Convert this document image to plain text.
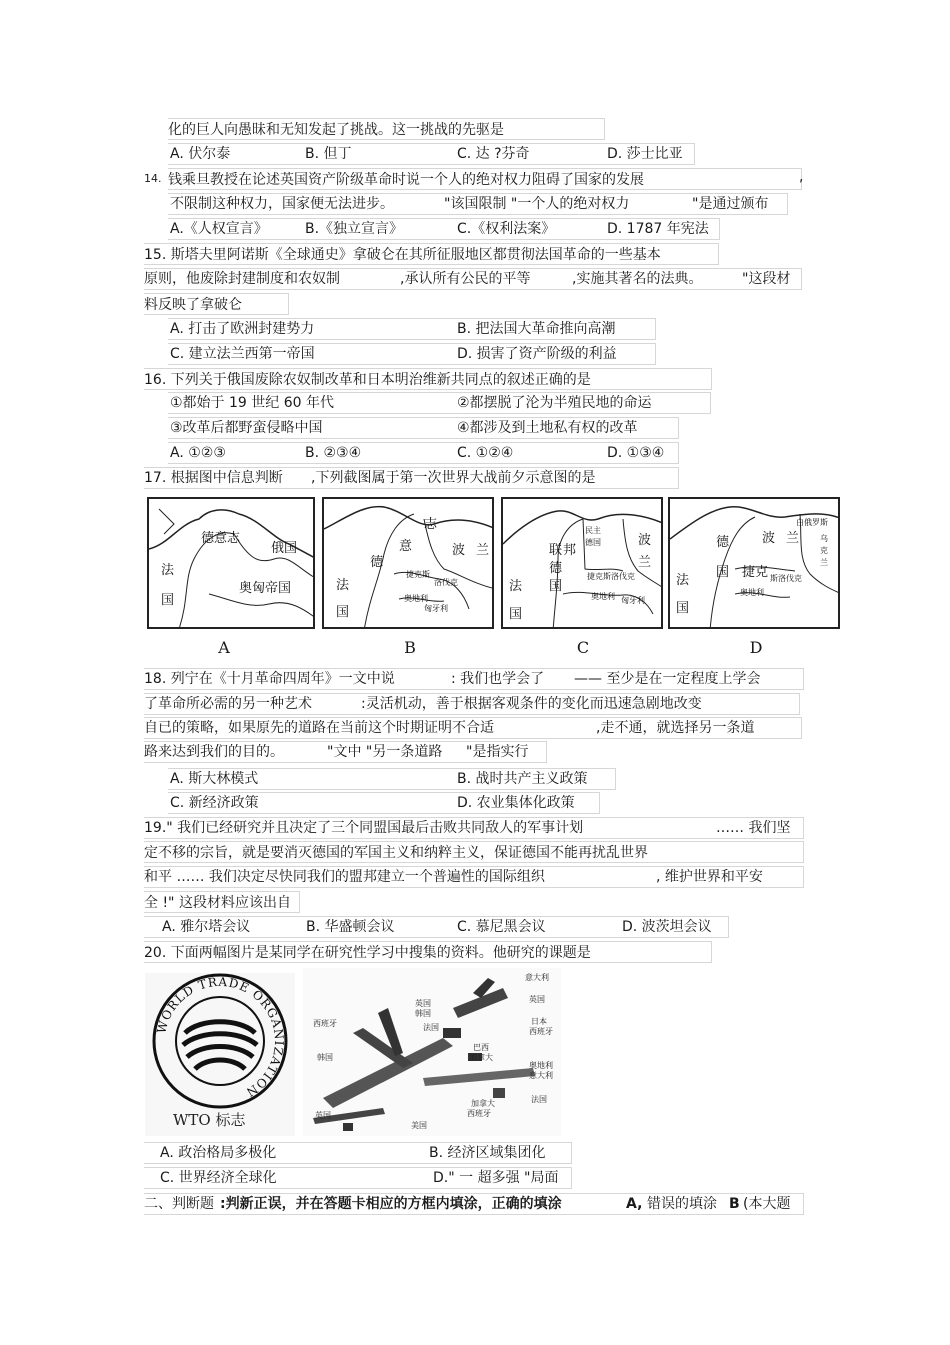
化的巨人向愚昧和无知发起了挑战。这一挑战的先驱是
A. 伏尔泰	B. 但丁	C. 达 ?芬奇	D. 莎士比亚
14. 钱乘旦教授在论述英国资产阶级革命时说一个人的绝对权力阻碍了国家的发展	,
不限制这种权力，国家便无法进步。	"该国限制 "一个人的绝对权力	"是通过颁布
A.《人权宣言》	B.《独立宣言》	C.《权利法案》	D. 1787 年宪法
15. 斯塔夫里阿诺斯《全球通史》拿破仑在其所征服地区都贯彻法国革命的一些基本
原则，他废除封建制度和农奴制	,承认所有公民的平等	,实施其著名的法典。	"这段材
料反映了拿破仑
A. 打击了欧洲封建势力	B. 把法国大革命推向高潮
C. 建立法兰西第一帝国	D. 损害了资产阶级的利益
16. 下列关于俄国废除农奴制改革和日本明治维新共同点的叙述正确的是
①都始于 19 世纪 60 年代	②都摆脱了沦为半殖民地的命运
③改革后都野蛮侵略中国	④都涉及到土地私有权的改革
A. ①②③	B. ②③④	C. ①②④	D. ①③④
17. 根据图中信息判断 ,下列截图属于第一次世界大战前夕示意图的是
德意志
俄国
法
国
奥匈帝国
意
志
德
波 兰
法
国
捷克斯
洛伐克
奥地利
匈牙利
民主
德国	波
兰
联 邦
德
国
法
国
捷克斯洛伐克
奥地利 匈牙利
白俄罗斯
德
国
波 兰	乌
克
兰
法
国
捷克 斯洛伐克
奥地利
A	B	C	D
18. 列宁在《十月革命四周年》一文中说	: 我们也学会了 —— 至少是在一定程度上学会
了革命所必需的另一种艺术	:灵活机动，善于根据客观条件的变化而迅速急剧地改变
自已的策略，如果原先的道路在当前这个时期证明不合适	,走不通，就选择另一条道
路来达到我们的目的。	"文中 "另一条道路 "是指实行
A. 斯大林模式	B. 战时共产主义政策
C. 新经济政策	D. 农业集体化政策
19." 我们已经研究并且决定了三个同盟国最后击败共同敌人的军事计划	…… 我们坚
定不移的宗旨，就是要消灭德国的军国主义和纳粹主义，保证德国不能再扰乱世界
和平 …… 我们决定尽快同我们的盟邦建立一个普遍性的国际组织	, 维护世界和平安
全 !" 这段材料应该出自
A. 雅尔塔会议	B. 华盛顿会议	C. 慕尼黑会议	D. 波茨坦会议
20. 下面两幅图片是某同学在研究性学习中搜集的资料。他研究的课题是
WORLD TRADE ORGANIZATION
WTO 标志
意大利
英国
英国
韩国
日本
西班牙
西班牙	法国
巴西
加拿大
韩国
奥地利
意大利
加拿大
西班牙
法国
英国
美国
A. 政治格局多极化	B. 经济区域集团化
C. 世界经济全球化	D." 一 超多强 "局面
二、判断题 :判新正误，并在答题卡相应的方框内填涂，正确的填涂	A, 错误的填涂 B (本大题
